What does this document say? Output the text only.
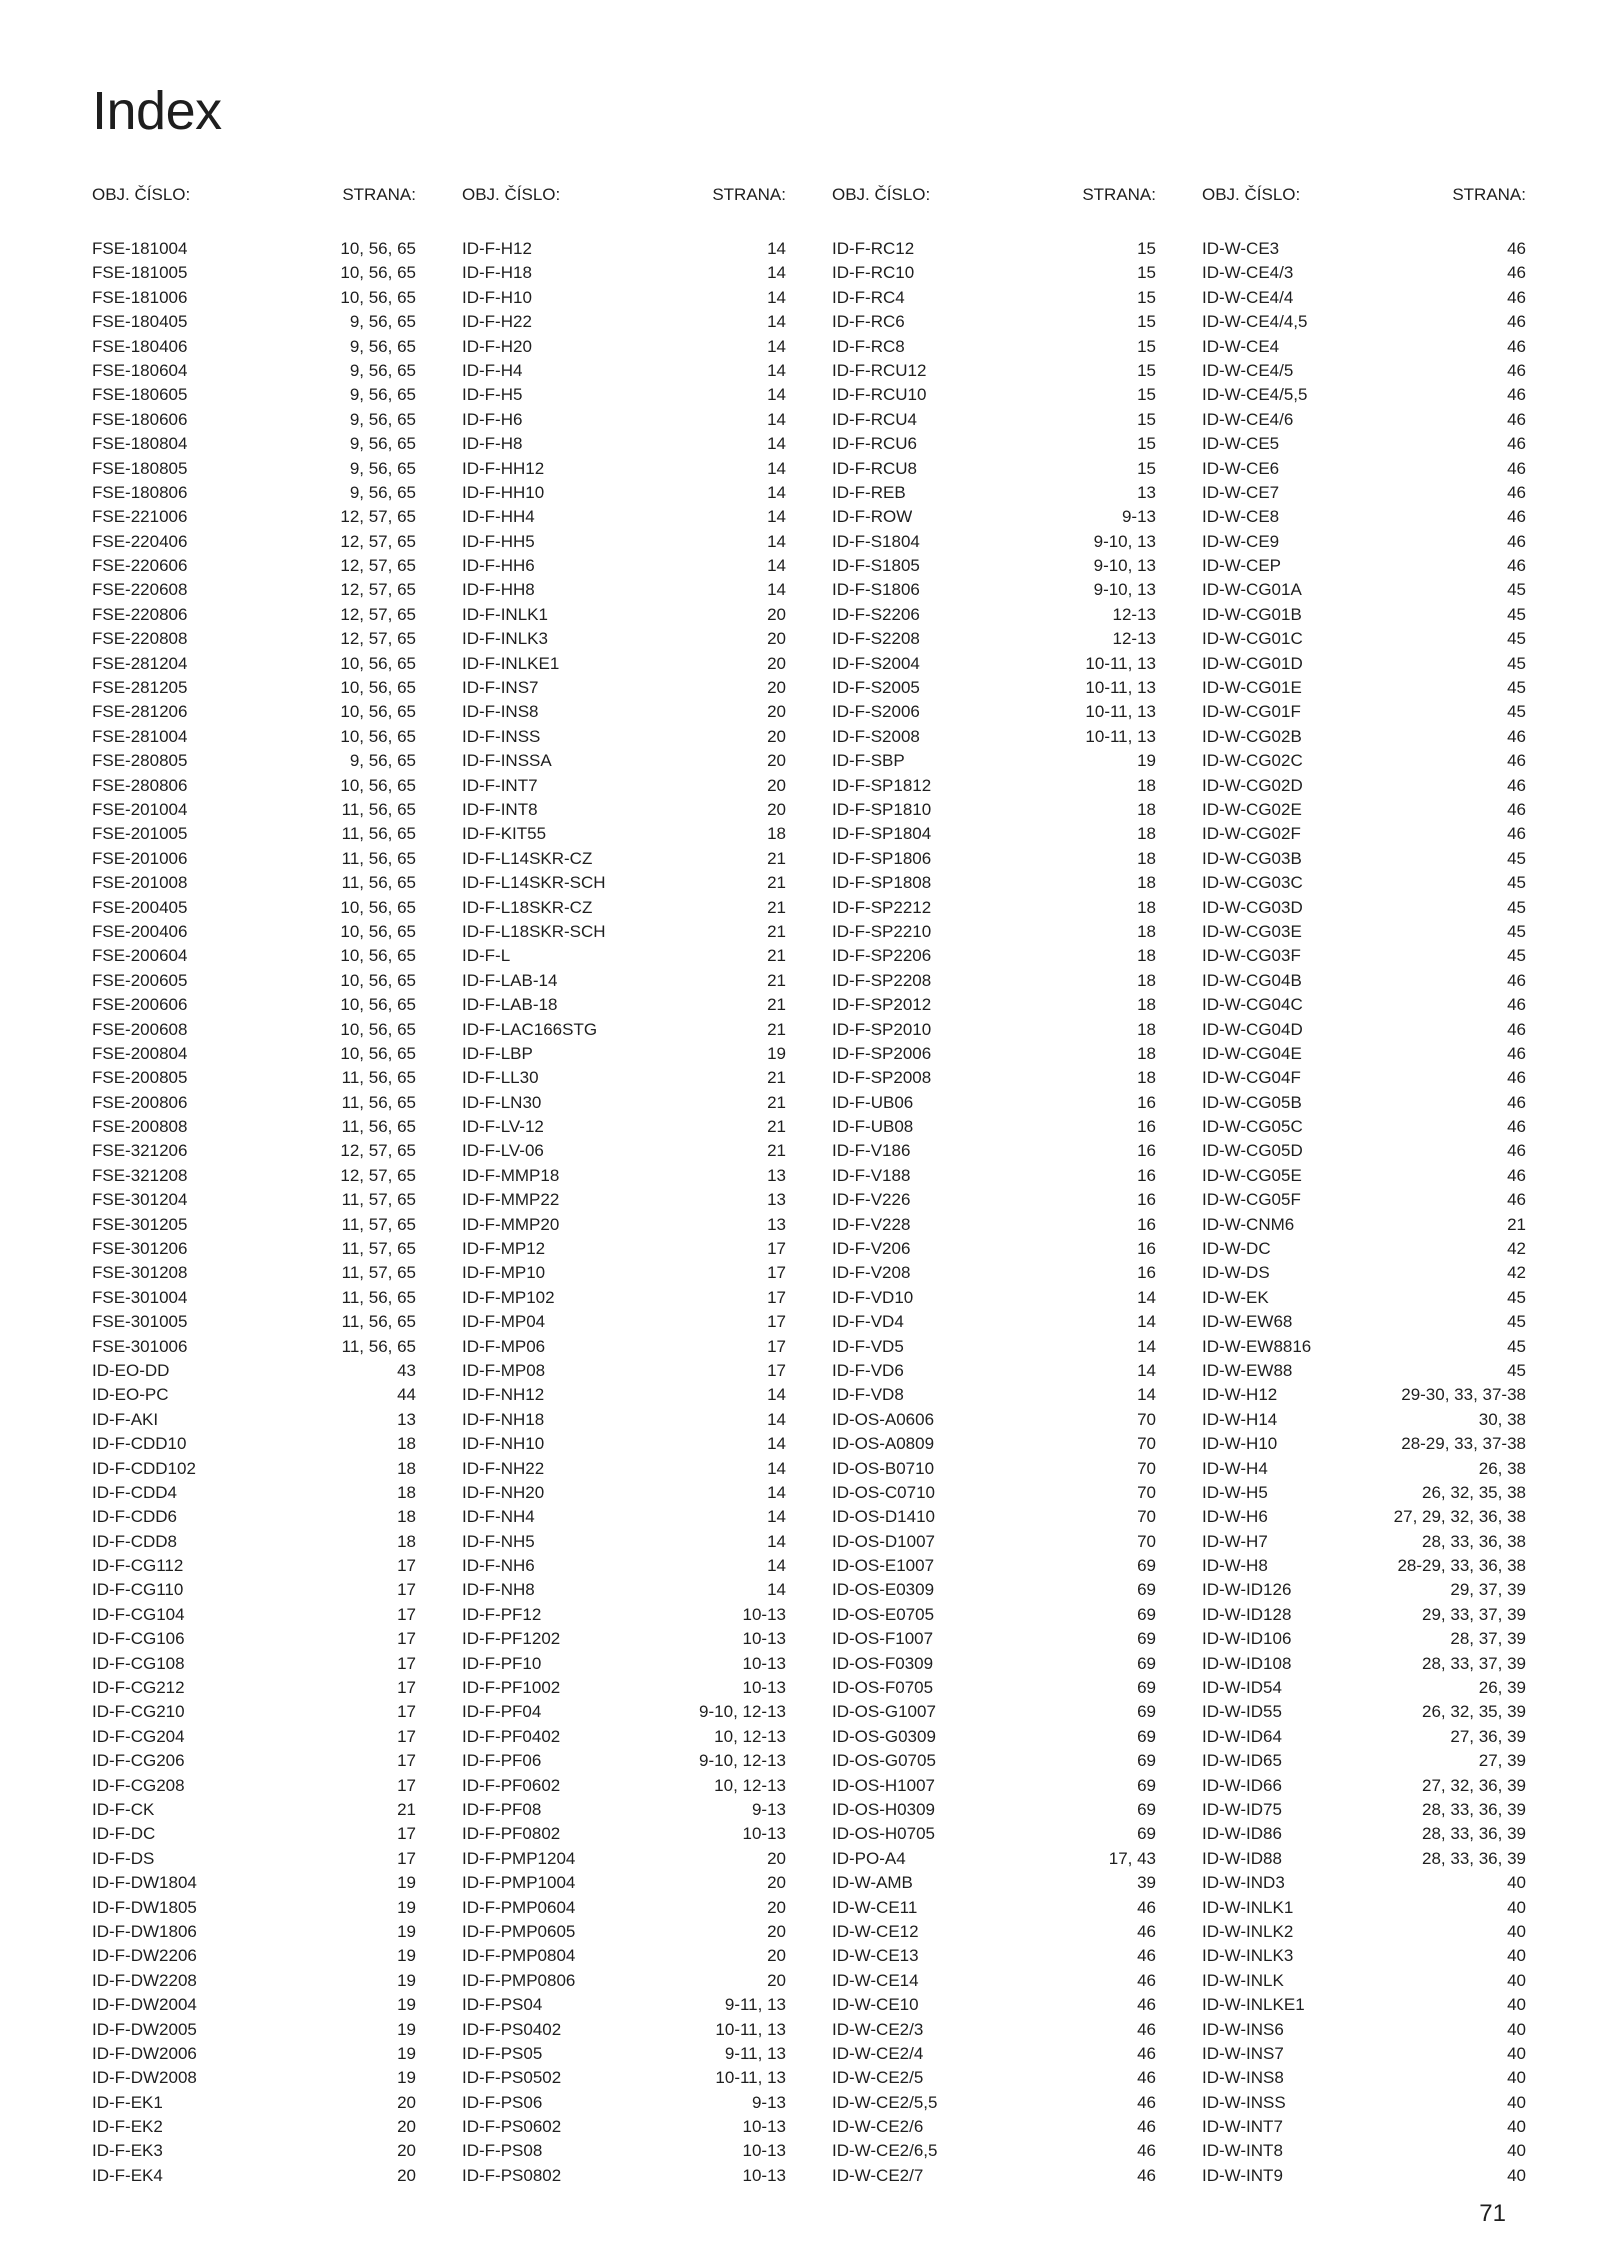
Index
OBJ. ČÍSLO:	STRANA:
FSE-181004	10, 56, 65
FSE-181005	10, 56, 65
FSE-181006	10, 56, 65
FSE-180405	9, 56, 65
FSE-180406	9, 56, 65
FSE-180604	9, 56, 65
FSE-180605	9, 56, 65
FSE-180606	9, 56, 65
FSE-180804	9, 56, 65
FSE-180805	9, 56, 65
FSE-180806	9, 56, 65
FSE-221006	12, 57, 65
FSE-220406	12, 57, 65
FSE-220606	12, 57, 65
FSE-220608	12, 57, 65
FSE-220806	12, 57, 65
FSE-220808	12, 57, 65
FSE-281204	10, 56, 65
FSE-281205	10, 56, 65
FSE-281206	10, 56, 65
FSE-281004	10, 56, 65
FSE-280805	9, 56, 65
FSE-280806	10, 56, 65
FSE-201004	11, 56, 65
FSE-201005	11, 56, 65
FSE-201006	11, 56, 65
FSE-201008	11, 56, 65
FSE-200405	10, 56, 65
FSE-200406	10, 56, 65
FSE-200604	10, 56, 65
FSE-200605	10, 56, 65
FSE-200606	10, 56, 65
FSE-200608	10, 56, 65
FSE-200804	10, 56, 65
FSE-200805	11, 56, 65
FSE-200806	11, 56, 65
FSE-200808	11, 56, 65
FSE-321206	12, 57, 65
FSE-321208	12, 57, 65
FSE-301204	11, 57, 65
FSE-301205	11, 57, 65
FSE-301206	11, 57, 65
FSE-301208	11, 57, 65
FSE-301004	11, 56, 65
FSE-301005	11, 56, 65
FSE-301006	11, 56, 65
ID-EO-DD	43
ID-EO-PC	44
ID-F-AKI	13
ID-F-CDD10	18
ID-F-CDD102	18
ID-F-CDD4	18
ID-F-CDD6	18
ID-F-CDD8	18
ID-F-CG112	17
ID-F-CG110	17
ID-F-CG104	17
ID-F-CG106	17
ID-F-CG108	17
ID-F-CG212	17
ID-F-CG210	17
ID-F-CG204	17
ID-F-CG206	17
ID-F-CG208	17
ID-F-CK	21
ID-F-DC	17
ID-F-DS	17
ID-F-DW1804	19
ID-F-DW1805	19
ID-F-DW1806	19
ID-F-DW2206	19
ID-F-DW2208	19
ID-F-DW2004	19
ID-F-DW2005	19
ID-F-DW2006	19
ID-F-DW2008	19
ID-F-EK1	20
ID-F-EK2	20
ID-F-EK3	20
ID-F-EK4	20
OBJ. ČÍSLO:	STRANA:
ID-F-H12	14
ID-F-H18	14
ID-F-H10	14
ID-F-H22	14
ID-F-H20	14
ID-F-H4	14
ID-F-H5	14
ID-F-H6	14
ID-F-H8	14
ID-F-HH12	14
ID-F-HH10	14
ID-F-HH4	14
ID-F-HH5	14
ID-F-HH6	14
ID-F-HH8	14
ID-F-INLK1	20
ID-F-INLK3	20
ID-F-INLKE1	20
ID-F-INS7	20
ID-F-INS8	20
ID-F-INSS	20
ID-F-INSSA	20
ID-F-INT7	20
ID-F-INT8	20
ID-F-KIT55	18
ID-F-L14SKR-CZ	21
ID-F-L14SKR-SCH	21
ID-F-L18SKR-CZ	21
ID-F-L18SKR-SCH	21
ID-F-L	21
ID-F-LAB-14	21
ID-F-LAB-18	21
ID-F-LAC166STG	21
ID-F-LBP	19
ID-F-LL30	21
ID-F-LN30	21
ID-F-LV-12	21
ID-F-LV-06	21
ID-F-MMP18	13
ID-F-MMP22	13
ID-F-MMP20	13
ID-F-MP12	17
ID-F-MP10	17
ID-F-MP102	17
ID-F-MP04	17
ID-F-MP06	17
ID-F-MP08	17
ID-F-NH12	14
ID-F-NH18	14
ID-F-NH10	14
ID-F-NH22	14
ID-F-NH20	14
ID-F-NH4	14
ID-F-NH5	14
ID-F-NH6	14
ID-F-NH8	14
ID-F-PF12	10-13
ID-F-PF1202	10-13
ID-F-PF10	10-13
ID-F-PF1002	10-13
ID-F-PF04	9-10, 12-13
ID-F-PF0402	10, 12-13
ID-F-PF06	9-10, 12-13
ID-F-PF0602	10, 12-13
ID-F-PF08	9-13
ID-F-PF0802	10-13
ID-F-PMP1204	20
ID-F-PMP1004	20
ID-F-PMP0604	20
ID-F-PMP0605	20
ID-F-PMP0804	20
ID-F-PMP0806	20
ID-F-PS04	9-11, 13
ID-F-PS0402	10-11, 13
ID-F-PS05	9-11, 13
ID-F-PS0502	10-11, 13
ID-F-PS06	9-13
ID-F-PS0602	10-13
ID-F-PS08	10-13
ID-F-PS0802	10-13
OBJ. ČÍSLO:	STRANA:
ID-F-RC12	15
ID-F-RC10	15
ID-F-RC4	15
ID-F-RC6	15
ID-F-RC8	15
ID-F-RCU12	15
ID-F-RCU10	15
ID-F-RCU4	15
ID-F-RCU6	15
ID-F-RCU8	15
ID-F-REB	13
ID-F-ROW	9-13
ID-F-S1804	9-10, 13
ID-F-S1805	9-10, 13
ID-F-S1806	9-10, 13
ID-F-S2206	12-13
ID-F-S2208	12-13
ID-F-S2004	10-11, 13
ID-F-S2005	10-11, 13
ID-F-S2006	10-11, 13
ID-F-S2008	10-11, 13
ID-F-SBP	19
ID-F-SP1812	18
ID-F-SP1810	18
ID-F-SP1804	18
ID-F-SP1806	18
ID-F-SP1808	18
ID-F-SP2212	18
ID-F-SP2210	18
ID-F-SP2206	18
ID-F-SP2208	18
ID-F-SP2012	18
ID-F-SP2010	18
ID-F-SP2006	18
ID-F-SP2008	18
ID-F-UB06	16
ID-F-UB08	16
ID-F-V186	16
ID-F-V188	16
ID-F-V226	16
ID-F-V228	16
ID-F-V206	16
ID-F-V208	16
ID-F-VD10	14
ID-F-VD4	14
ID-F-VD5	14
ID-F-VD6	14
ID-F-VD8	14
ID-OS-A0606	70
ID-OS-A0809	70
ID-OS-B0710	70
ID-OS-C0710	70
ID-OS-D1410	70
ID-OS-D1007	70
ID-OS-E1007	69
ID-OS-E0309	69
ID-OS-E0705	69
ID-OS-F1007	69
ID-OS-F0309	69
ID-OS-F0705	69
ID-OS-G1007	69
ID-OS-G0309	69
ID-OS-G0705	69
ID-OS-H1007	69
ID-OS-H0309	69
ID-OS-H0705	69
ID-PO-A4	17, 43
ID-W-AMB	39
ID-W-CE11	46
ID-W-CE12	46
ID-W-CE13	46
ID-W-CE14	46
ID-W-CE10	46
ID-W-CE2/3	46
ID-W-CE2/4	46
ID-W-CE2/5	46
ID-W-CE2/5,5	46
ID-W-CE2/6	46
ID-W-CE2/6,5	46
ID-W-CE2/7	46
OBJ. ČÍSLO:	STRANA:
ID-W-CE3	46
ID-W-CE4/3	46
ID-W-CE4/4	46
ID-W-CE4/4,5	46
ID-W-CE4	46
ID-W-CE4/5	46
ID-W-CE4/5,5	46
ID-W-CE4/6	46
ID-W-CE5	46
ID-W-CE6	46
ID-W-CE7	46
ID-W-CE8	46
ID-W-CE9	46
ID-W-CEP	46
ID-W-CG01A	45
ID-W-CG01B	45
ID-W-CG01C	45
ID-W-CG01D	45
ID-W-CG01E	45
ID-W-CG01F	45
ID-W-CG02B	46
ID-W-CG02C	46
ID-W-CG02D	46
ID-W-CG02E	46
ID-W-CG02F	46
ID-W-CG03B	45
ID-W-CG03C	45
ID-W-CG03D	45
ID-W-CG03E	45
ID-W-CG03F	45
ID-W-CG04B	46
ID-W-CG04C	46
ID-W-CG04D	46
ID-W-CG04E	46
ID-W-CG04F	46
ID-W-CG05B	46
ID-W-CG05C	46
ID-W-CG05D	46
ID-W-CG05E	46
ID-W-CG05F	46
ID-W-CNM6	21
ID-W-DC	42
ID-W-DS	42
ID-W-EK	45
ID-W-EW68	45
ID-W-EW8816	45
ID-W-EW88	45
ID-W-H12	29-30, 33, 37-38
ID-W-H14	30, 38
ID-W-H10	28-29, 33, 37-38
ID-W-H4	26, 38
ID-W-H5	26, 32, 35, 38
ID-W-H6	27, 29, 32, 36, 38
ID-W-H7	28, 33, 36, 38
ID-W-H8	28-29, 33, 36, 38
ID-W-ID126	29, 37, 39
ID-W-ID128	29, 33, 37, 39
ID-W-ID106	28, 37, 39
ID-W-ID108	28, 33, 37, 39
ID-W-ID54	26, 39
ID-W-ID55	26, 32, 35, 39
ID-W-ID64	27, 36, 39
ID-W-ID65	27, 39
ID-W-ID66	27, 32, 36, 39
ID-W-ID75	28, 33, 36, 39
ID-W-ID86	28, 33, 36, 39
ID-W-ID88	28, 33, 36, 39
ID-W-IND3	40
ID-W-INLK1	40
ID-W-INLK2	40
ID-W-INLK3	40
ID-W-INLK	40
ID-W-INLKE1	40
ID-W-INS6	40
ID-W-INS7	40
ID-W-INS8	40
ID-W-INSS	40
ID-W-INT7	40
ID-W-INT8	40
ID-W-INT9	40
71
